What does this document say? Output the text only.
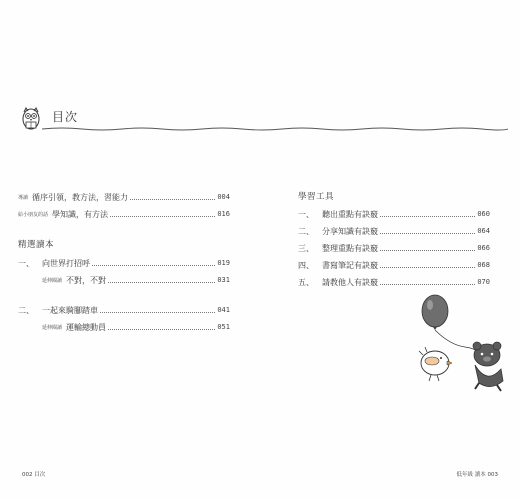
目次
導讀 循序引領，教方法，習能力	004
給小朋友的話 學知識，有方法	016
精選讀本
一、	向世界打招呼	019
延伸閱讀 不對，不對	031
二、	一起來騎腳踏車	041
延伸閱讀 運輸總動員	051
學習工具
一、	聽出重點有訣竅	060
二、	分享知識有訣竅	064
三、	整理重點有訣竅	066
四、	書寫筆記有訣竅	068
五、	請教他人有訣竅	070
002 目次	低年級 讀本 003
